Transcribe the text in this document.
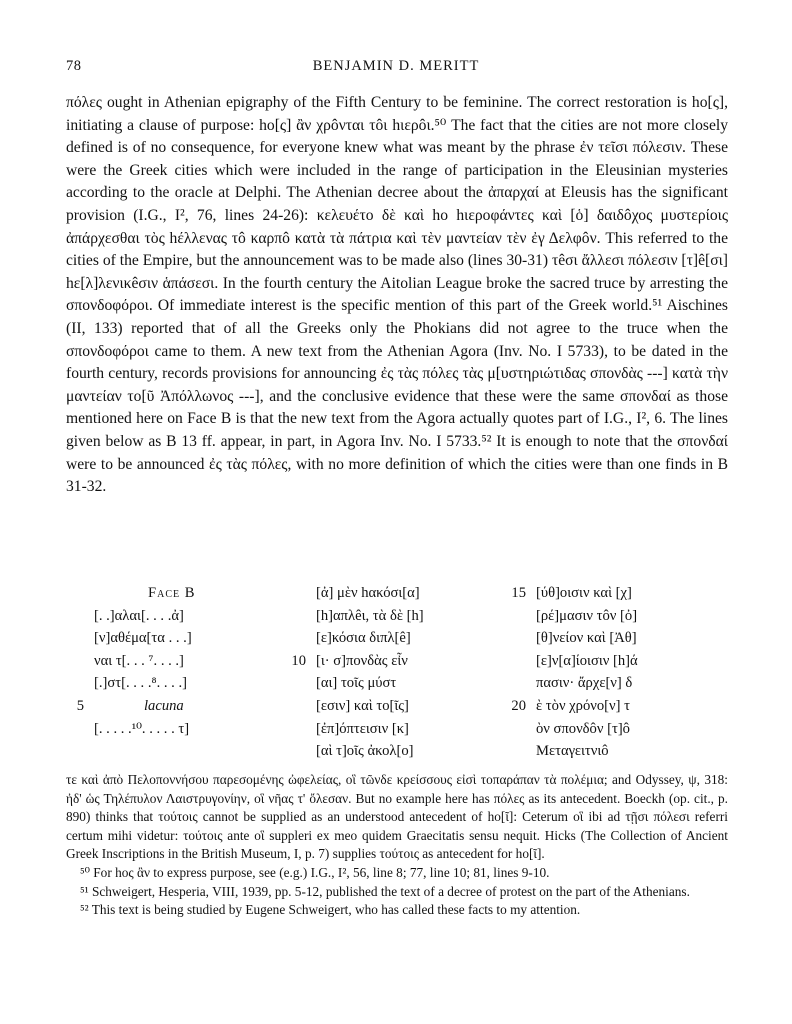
78	BENJAMIN D. MERITT

πόλες ought in Athenian epigraphy of the Fifth Century to be feminine. The correct restoration is ho[ς], initiating a clause of purpose: ho[ς] ἂν χρôνται τôι hιερôι.⁵⁰ The fact that the cities are not more closely defined is of no consequence, for everyone knew what was meant by the phrase ἐν τεῖσι πόλεσιν. These were the Greek cities which were included in the range of participation in the Eleusinian mysteries according to the oracle at Delphi. The Athenian decree about the ἀπαρχαί at Eleusis has the significant provision (I.G., I², 76, lines 24-26): κελευέτο δὲ καὶ ho hιεροφάντες καὶ [ὁ] δαιδôχος μυστερίοις ἀπάρχεσθαι τὸς hέλλενας τô καρπô κατὰ τὰ πάτρια καὶ τὲν μαντείαν τὲν ἐγ Δελφôν. This referred to the cities of the Empire, but the announcement was to be made also (lines 30-31) τêσι ἄλλεσι πόλεσιν [τ]ê[σι] hε[λ]λενικêσιν ἁπάσεσι. In the fourth century the Aitolian League broke the sacred truce by arresting the σπονδοφόροι. Of immediate interest is the specific mention of this part of the Greek world.⁵¹ Aischines (II, 133) reported that of all the Greeks only the Phokians did not agree to the truce when the σπονδοφόροι came to them. A new text from the Athenian Agora (Inv. No. I 5733), to be dated in the fourth century, records provisions for announcing ἐς τὰς πόλες τὰς μ[υστηριώτιδας σπονδὰς ---] κατὰ τὴν μαντείαν το[ῦ Ἀπόλλωνος ---], and the conclusive evidence that these were the same σπονδαί as those mentioned here on Face B is that the new text from the Agora actually quotes part of I.G., I², 6. The lines given below as B 13 ff. appear, in part, in Agora Inv. No. I 5733.⁵² It is enough to note that the σπονδαί were to be announced ἐς τὰς πόλες, with no more definition of which the cities were than one finds in B 31-32.

Face B
[. .]αλαι[. . . .ἀ]
[ν]αθέμα[τα . . .]
ναι τ[. . . ⁷. . . .]
[.]στ[. . . .⁸. . . .]
5	lacuna
[. . . . .¹⁰. . . . . τ]
[ἀ] μὲν hακόσι[α]
[h]απλêι, τὰ δὲ [h]
[ε]κόσια διπλ[ê]
10 [ι· σ]πονδὰς εἶν
[αι] τοῖς μύστ
[εσιν] καὶ το[ῖς]
[ἐπ]όπτεισιν [κ]
[αὶ τ]οῖς ἀκολ[ο]
15 [ύθ]οισιν καὶ [χ]
[ρέ]μασιν τôν [ὀ]
[θ]νείον καὶ [Ἀθ]
[ε]ν[α]ίοισιν [h]ά
πασιν· ἄρχε[ν] δ
20 ὲ τὸν χρόνο[ν] τ
ὸν σπονδôν [τ]ô
Μεταγειτνιô

τε καὶ ἀπὸ Πελοποννήσου παρεσομένης ὠφελείας, οἳ τῶνδε κρείσσους εἰσὶ τοπαράπαν τὰ πολέμια; and Odyssey, ψ, 318: ἠδ' ὡς Τηλέπυλον Λαιστρυγονίην, οἳ νῆας τ' ὄλεσαν. But no example here has πόλες as its antecedent. Boeckh (op. cit., p. 890) thinks that τούτοις cannot be supplied as an understood antecedent of ho[ῖ]: Ceterum οἳ ibi ad τῇσι πόλεσι referri certum mihi videtur: τούτοις ante οἳ suppleri ex meo quidem Graecitatis sensu nequit. Hicks (The Collection of Ancient Greek Inscriptions in the British Museum, I, p. 7) supplies τούτοις as antecedent for ho[ῖ].

⁵⁰ For hος ἂν to express purpose, see (e.g.) I.G., I², 56, line 8; 77, line 10; 81, lines 9-10.

⁵¹ Schweigert, Hesperia, VIII, 1939, pp. 5-12, published the text of a decree of protest on the part of the Athenians.

⁵² This text is being studied by Eugene Schweigert, who has called these facts to my attention.
